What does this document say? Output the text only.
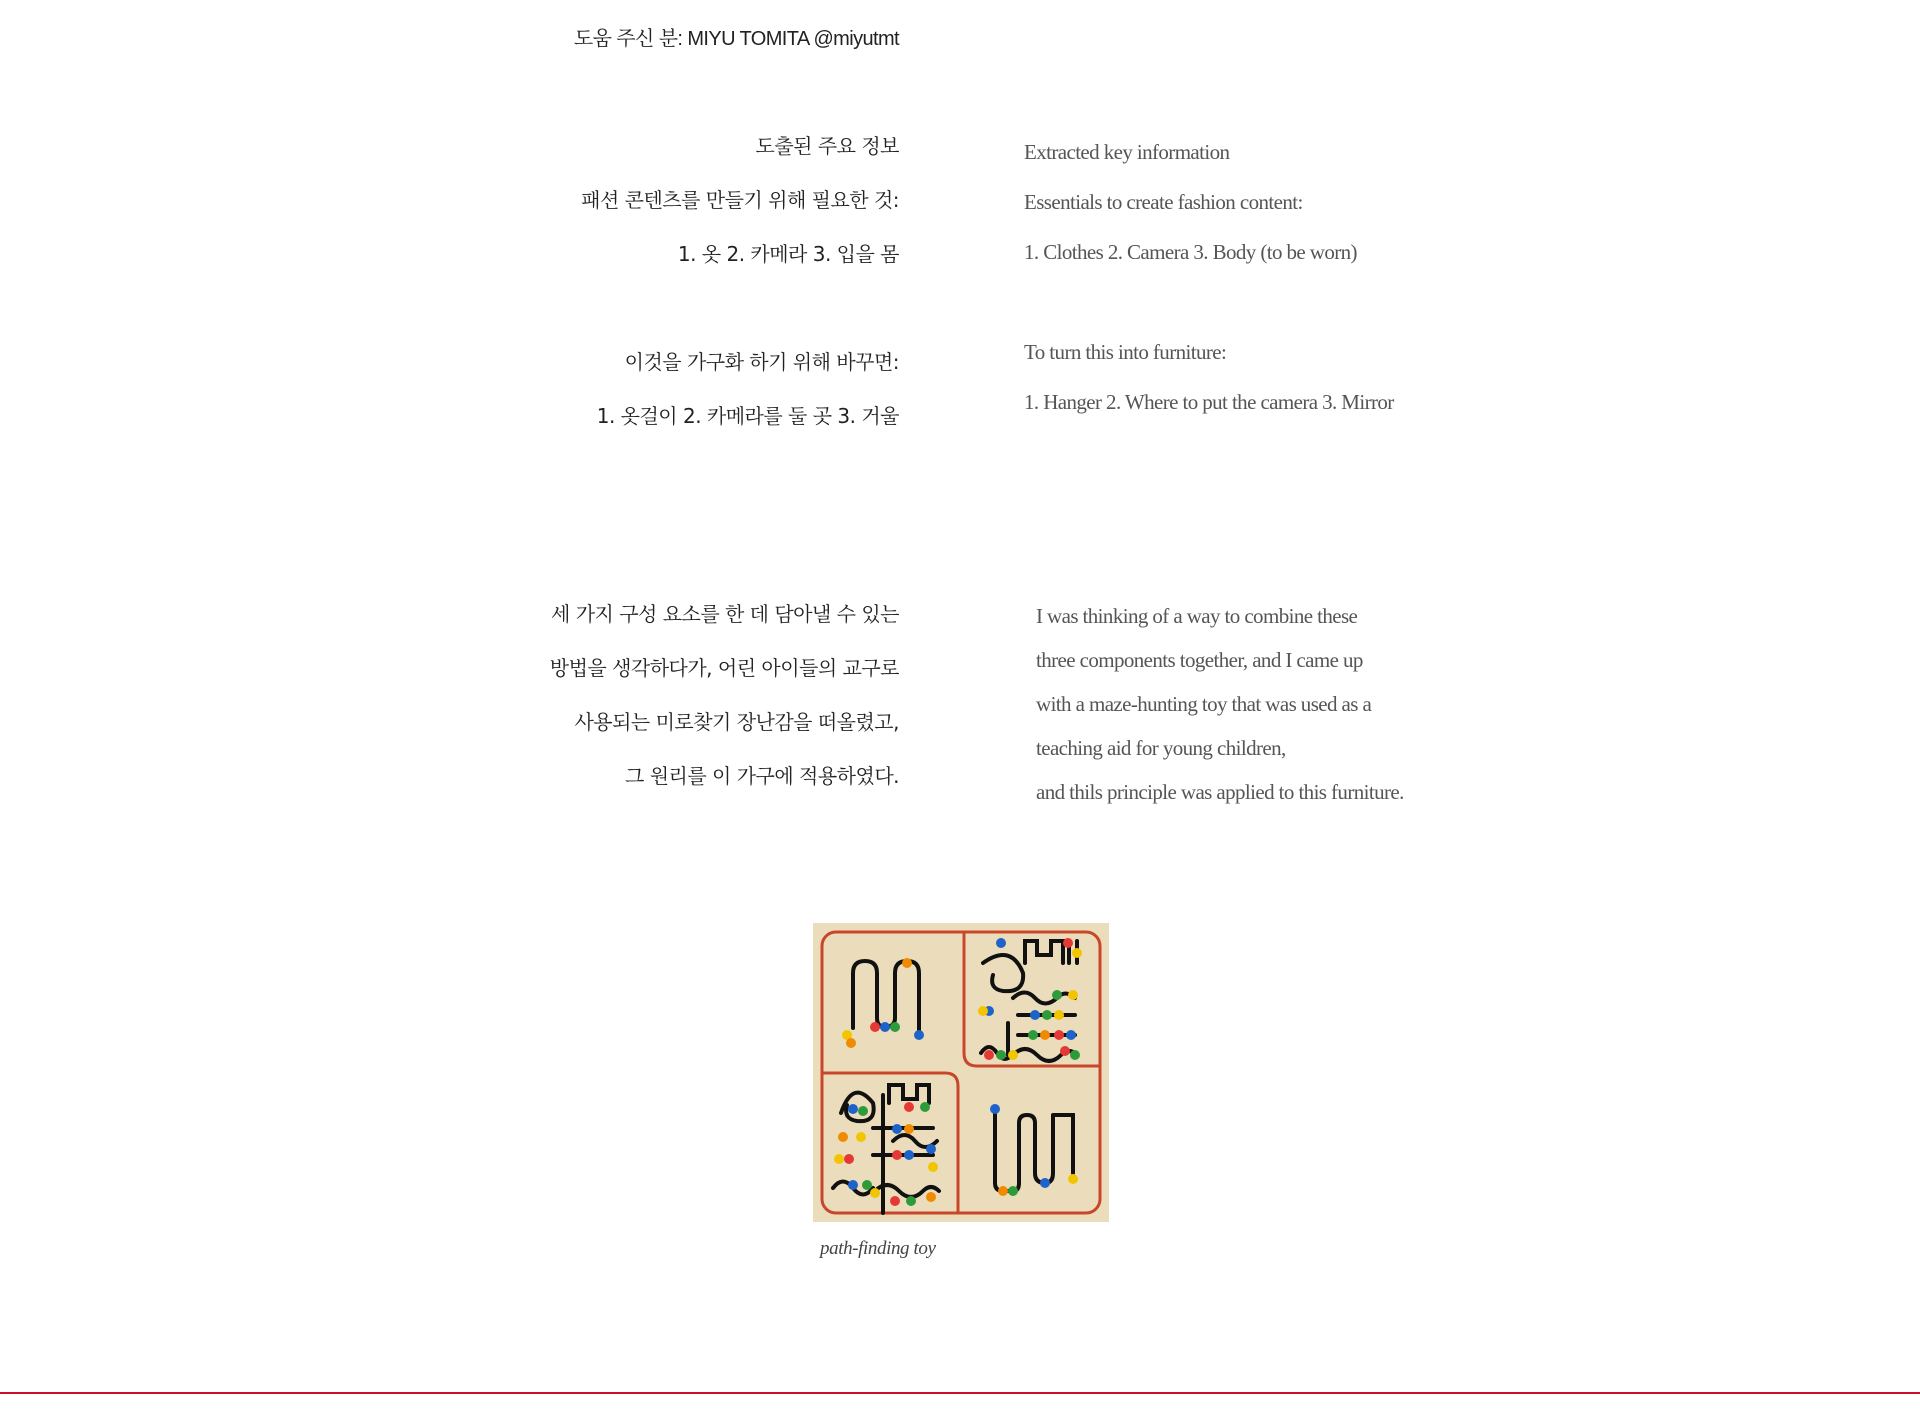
도움 주신 분: MIYU TOMITA @miyutmt
도출된 주요 정보
패션 콘텐츠를 만들기 위해 필요한 것:
1. 옷 2. 카메라 3. 입을 몸
이것을 가구화 하기 위해 바꾸면:
1. 옷걸이 2. 카메라를 둘 곳 3. 거울
세 가지 구성 요소를 한 데 담아낼 수 있는
방법을 생각하다가, 어린 아이들의 교구로
사용되는 미로찾기 장난감을 떠올렸고,
그 원리를 이 가구에 적용하였다.
Extracted key information
Essentials to create fashion content:
1. Clothes 2. Camera 3. Body (to be worn)
To turn this into furniture:
1. Hanger 2. Where to put the camera 3. Mirror
I was thinking of a way to combine these
three components together, and I came up
with a maze-hunting toy that was used as a
teaching aid for young children,
and thils principle was applied to this furniture.
path-finding toy
